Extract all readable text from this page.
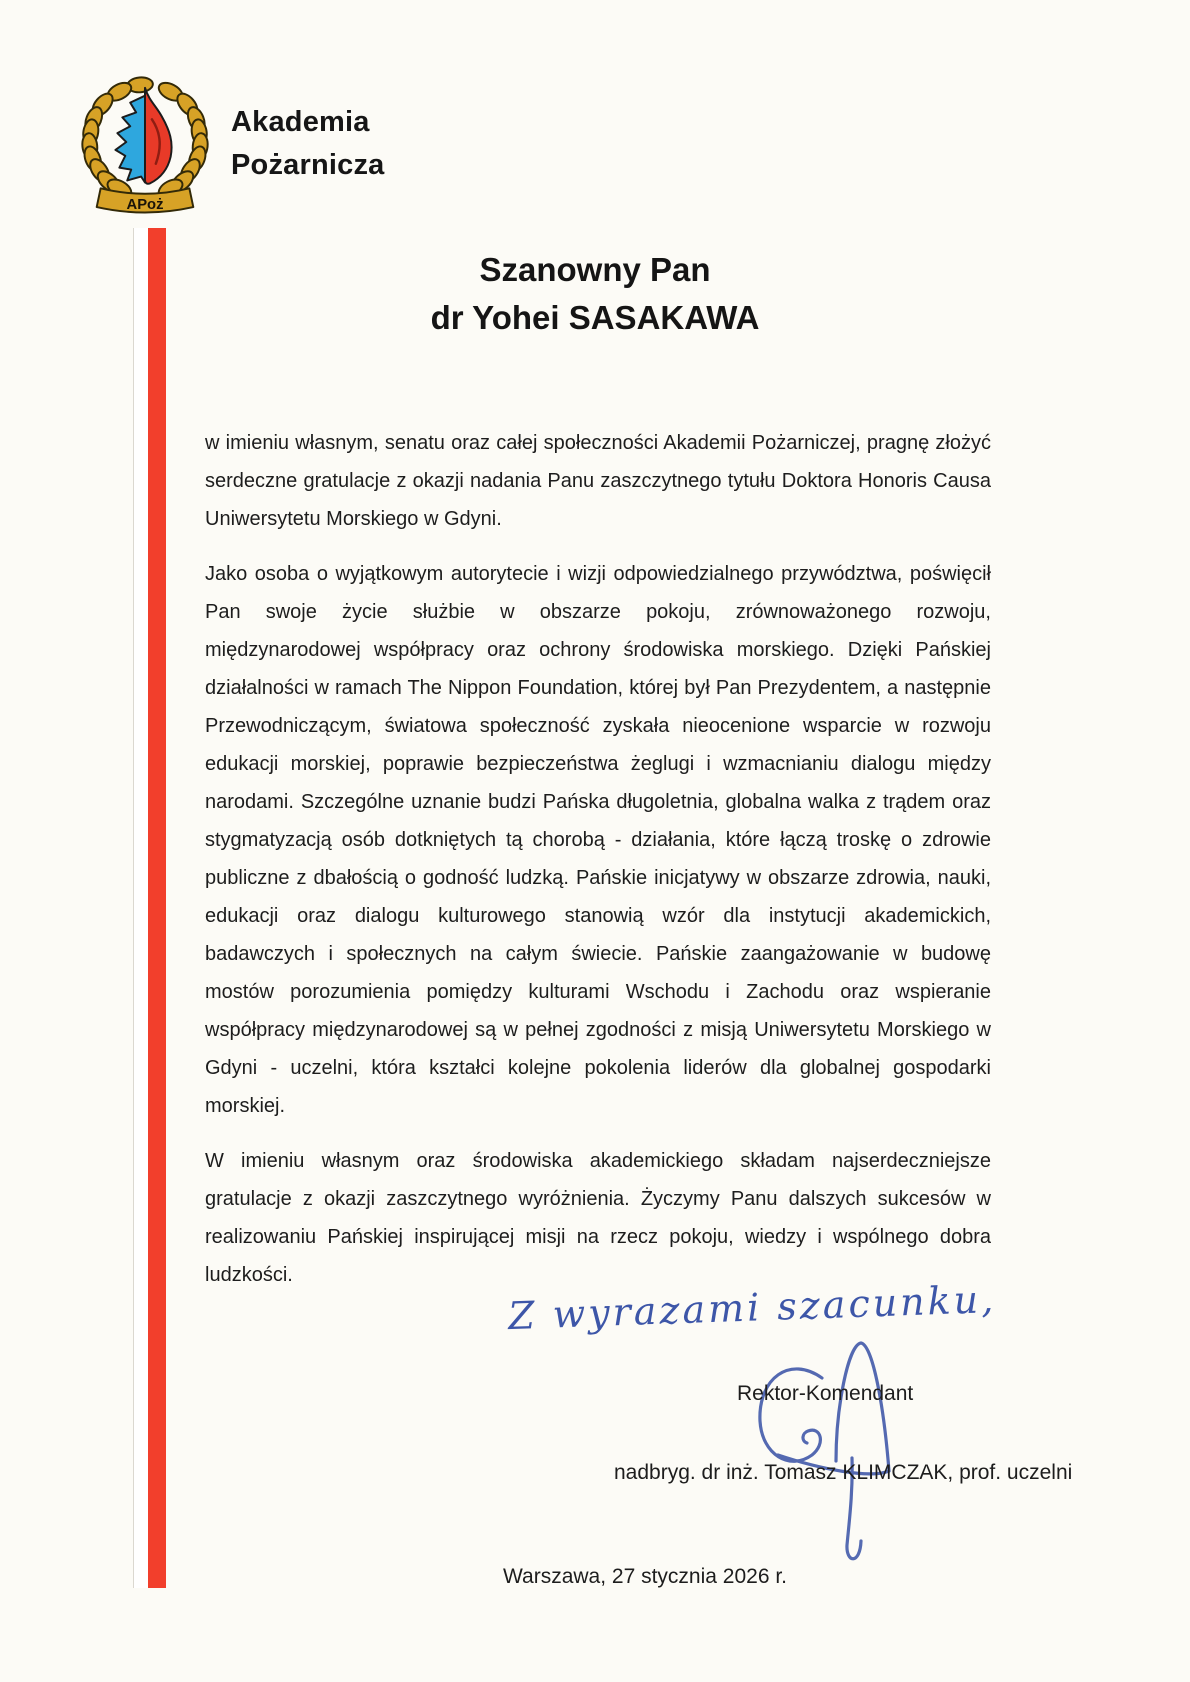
APoż
Akademia
Pożarnicza
Szanowny Pan
dr Yohei SASAKAWA

w imieniu własnym, senatu oraz całej społeczności Akademii Pożarniczej, pragnę złożyć serdeczne gratulacje z okazji nadania Panu zaszczytnego tytułu Doktora Honoris Causa Uniwersytetu Morskiego w Gdyni.

Jako osoba o wyjątkowym autorytecie i wizji odpowiedzialnego przywództwa, poświęcił Pan swoje życie służbie w obszarze pokoju, zrównoważonego rozwoju, międzynarodowej współpracy oraz ochrony środowiska morskiego. Dzięki Pańskiej działalności w ramach The Nippon Foundation, której był Pan Prezydentem, a następnie Przewodniczącym, światowa społeczność zyskała nieocenione wsparcie w rozwoju edukacji morskiej, poprawie bezpieczeństwa żeglugi i wzmacnianiu dialogu między narodami. Szczególne uznanie budzi Pańska długoletnia, globalna walka z trądem oraz stygmatyzacją osób dotkniętych tą chorobą - działania, które łączą troskę o zdrowie publiczne z dbałością o godność ludzką. Pańskie inicjatywy w obszarze zdrowia, nauki, edukacji oraz dialogu kulturowego stanowią wzór dla instytucji akademickich, badawczych i społecznych na całym świecie. Pańskie zaangażowanie w budowę mostów porozumienia pomiędzy kulturami Wschodu i Zachodu oraz wspieranie współpracy międzynarodowej są w pełnej zgodności z misją Uniwersytetu Morskiego w Gdyni - uczelni, która kształci kolejne pokolenia liderów dla globalnej gospodarki morskiej.

W imieniu własnym oraz środowiska akademickiego składam najserdeczniejsze gratulacje z okazji zaszczytnego wyróżnienia. Życzymy Panu dalszych sukcesów w realizowaniu Pańskiej inspirującej misji na rzecz pokoju, wiedzy i wspólnego dobra ludzkości.

Z wyrazami szacunku,
Rektor-Komendant
nadbryg. dr inż. Tomasz KLIMCZAK, prof. uczelni
Warszawa, 27 stycznia 2026 r.
